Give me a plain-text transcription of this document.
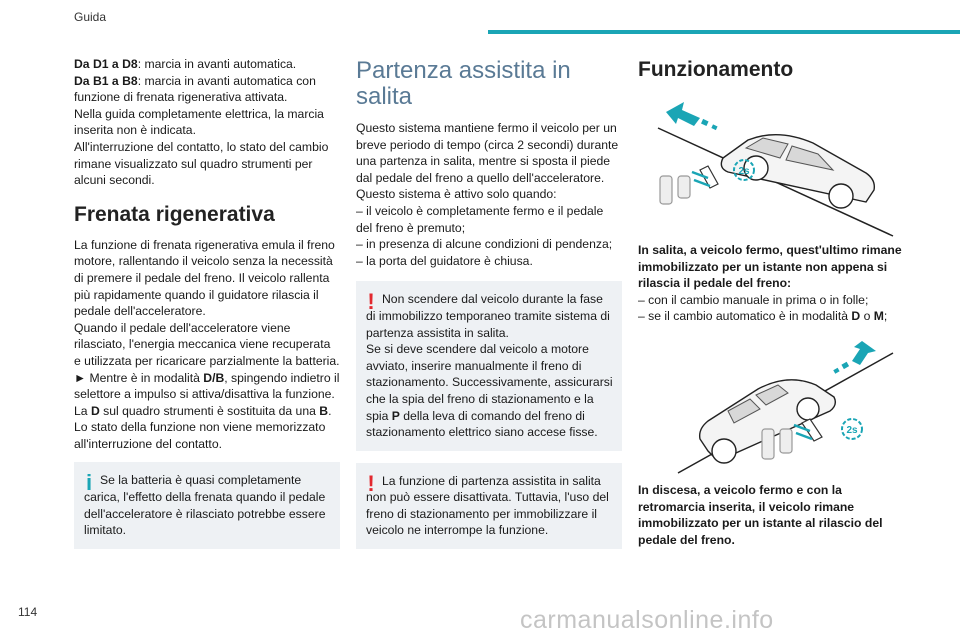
Guida

Da D1 a D8: marcia in avanti automatica.
Da B1 a B8: marcia in avanti automatica con funzione di frenata rigenerativa attivata.
Nella guida completamente elettrica, la marcia inserita non è indicata.
All'interruzione del contatto, lo stato del cambio rimane visualizzato sul quadro strumenti per alcuni secondi.

Frenata rigenerativa

La funzione di frenata rigenerativa emula il freno motore, rallentando il veicolo senza la necessità di premere il pedale del freno. Il veicolo rallenta più rapidamente quando il guidatore rilascia il pedale dell'acceleratore.
Quando il pedale dell'acceleratore viene rilasciato, l'energia meccanica viene recuperata e utilizzata per ricaricare parzialmente la batteria.
► Mentre è in modalità D/B, spingendo indietro il selettore a impulso si attiva/disattiva la funzione.
La D sul quadro strumenti è sostituita da una B.
Lo stato della funzione non viene memorizzato all'interruzione del contatto.

i Se la batteria è quasi completamente carica, l'effetto della frenata quando il pedale dell'acceleratore è rilasciato potrebbe essere limitato.

Partenza assistita in salita

Questo sistema mantiene fermo il veicolo per un breve periodo di tempo (circa 2 secondi) durante una partenza in salita, mentre si sposta il piede dal pedale del freno a quello dell'acceleratore.
Questo sistema è attivo solo quando:
– il veicolo è completamente fermo e il pedale del freno è premuto;
– in presenza di alcune condizioni di pendenza;
– la porta del guidatore è chiusa.

! Non scendere dal veicolo durante la fase di immobilizzo temporaneo tramite sistema di partenza assistita in salita.
Se si deve scendere dal veicolo a motore avviato, inserire manualmente il freno di stazionamento. Successivamente, assicurarsi che la spia del freno di stazionamento e la spia P della leva di comando del freno di stazionamento elettrico siano accese fisse.

! La funzione di partenza assistita in salita non può essere disattivata. Tuttavia, l'uso del freno di stazionamento per immobilizzare il veicolo ne interrompe la funzione.

Funzionamento
2s

In salita, a veicolo fermo, quest'ultimo rimane immobilizzato per un istante non appena si rilascia il pedale del freno:

– con il cambio manuale in prima o in folle;

– se il cambio automatico è in modalità D o M;

2s

In discesa, a veicolo fermo e con la retromarcia inserita, il veicolo rimane immobilizzato per un istante al rilascio del pedale del freno.

114	carmanualsonline.info
